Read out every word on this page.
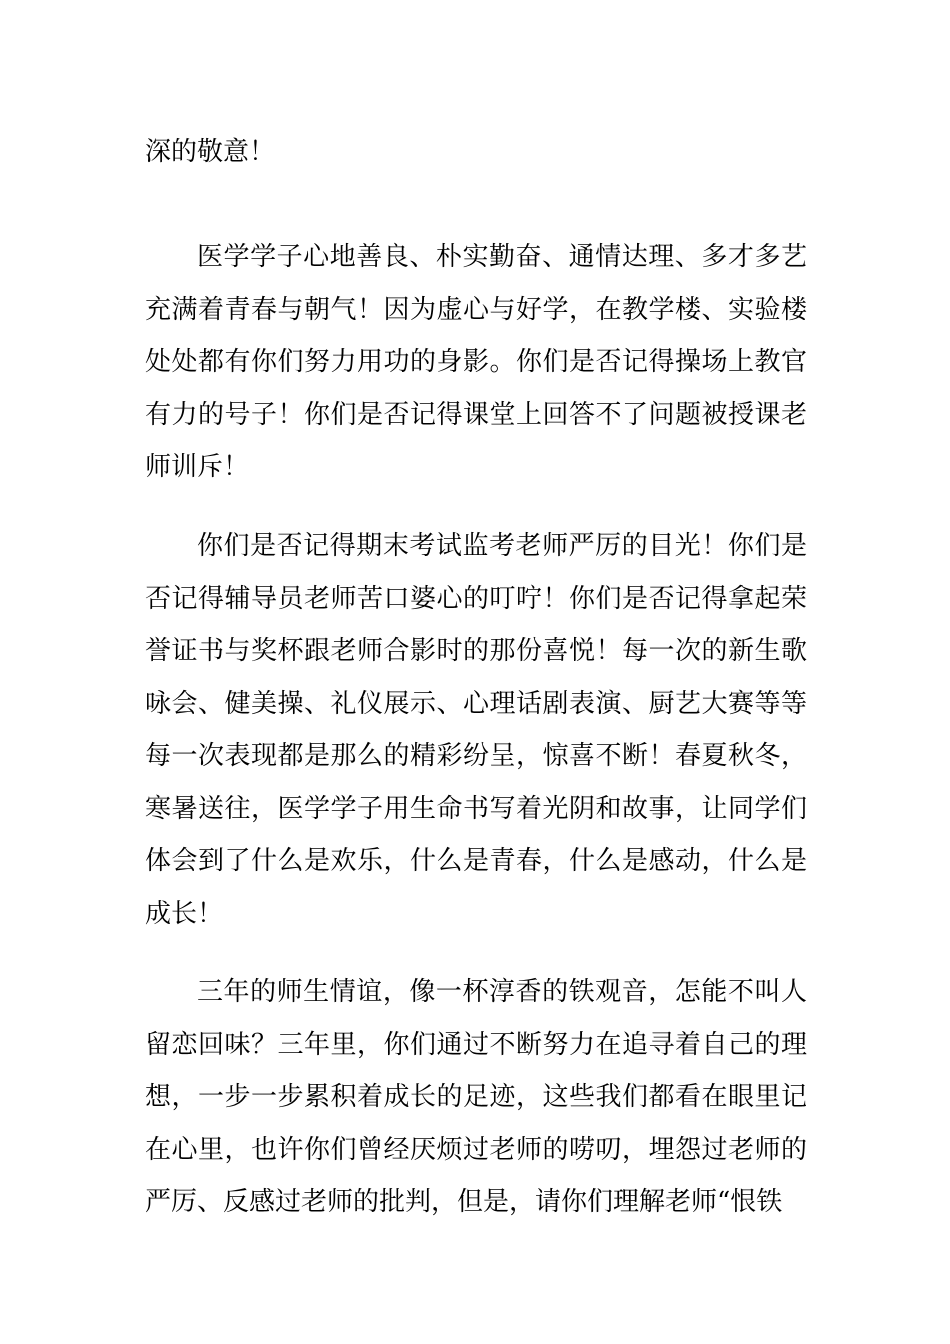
深的敬意！

医学学子心地善良、朴实勤奋、通情达理、多才多艺充满着青春与朝气！因为虚心与好学，在教学楼、实验楼处处都有你们努力用功的身影。你们是否记得操场上教官有力的号子！你们是否记得课堂上回答不了问题被授课老师训斥！

你们是否记得期末考试监考老师严厉的目光！你们是否记得辅导员老师苦口婆心的叮咛！你们是否记得拿起荣誉证书与奖杯跟老师合影时的那份喜悦！每一次的新生歌咏会、健美操、礼仪展示、心理话剧表演、厨艺大赛等等每一次表现都是那么的精彩纷呈，惊喜不断！春夏秋冬，寒暑送往，医学学子用生命书写着光阴和故事，让同学们体会到了什么是欢乐，什么是青春，什么是感动，什么是成长！

三年的师生情谊，像一杯淳香的铁观音，怎能不叫人留恋回味？三年里，你们通过不断努力在追寻着自己的理想，一步一步累积着成长的足迹，这些我们都看在眼里记在心里，也许你们曾经厌烦过老师的唠叨，埋怨过老师的严厉、反感过老师的批判，但是，请你们理解老师“恨铁
